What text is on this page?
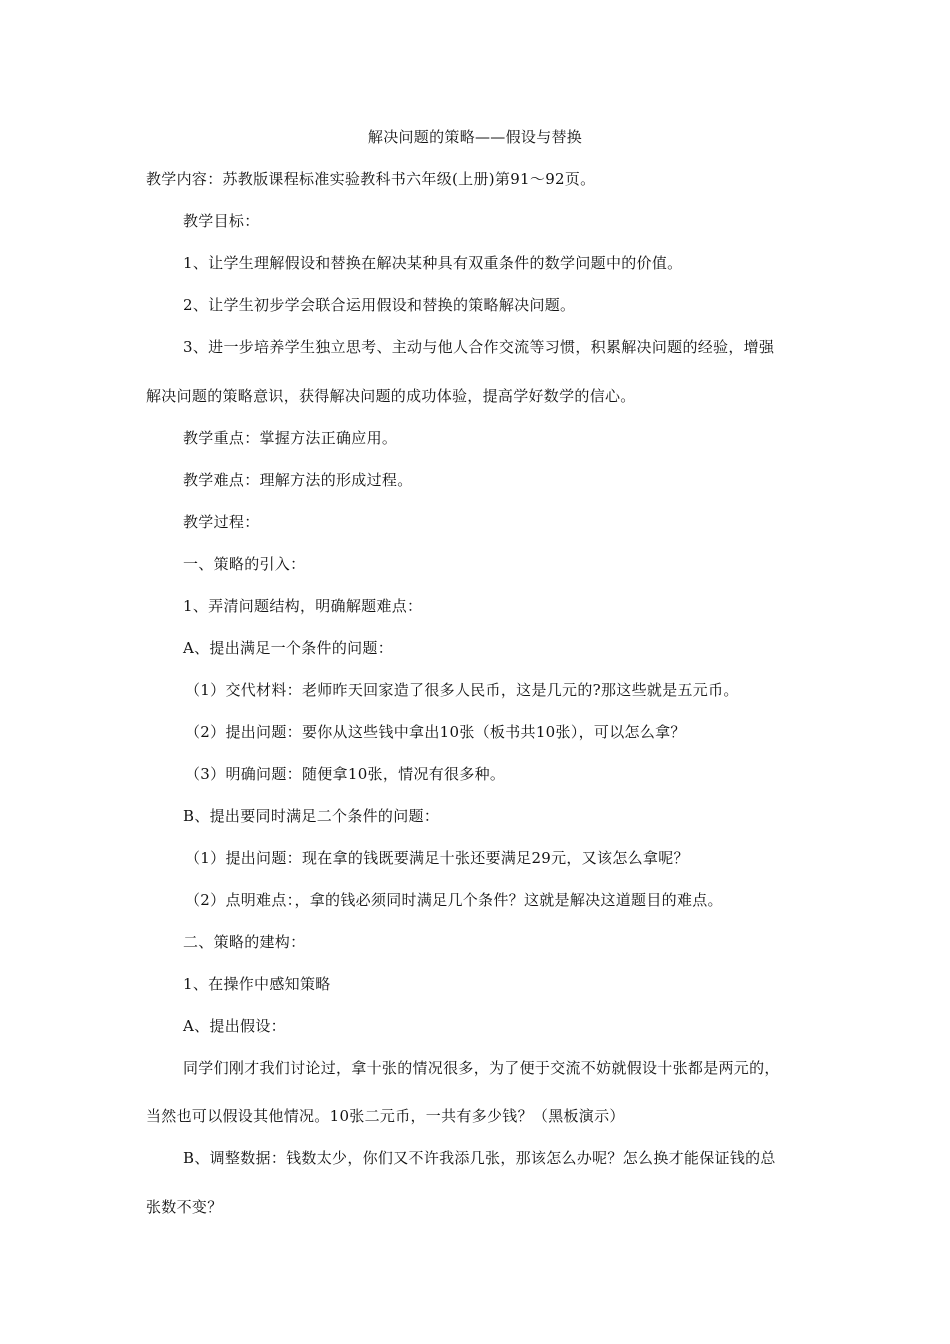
解决问题的策略——假设与替换
教学内容：苏教版课程标准实验教科书六年级(上册)第91～92页。
教学目标：
1、让学生理解假设和替换在解决某种具有双重条件的数学问题中的价值。
2、让学生初步学会联合运用假设和替换的策略解决问题。
3、进一步培养学生独立思考、主动与他人合作交流等习惯，积累解决问题的经验，增强
解决问题的策略意识，获得解决问题的成功体验，提高学好数学的信心。
教学重点：掌握方法正确应用。
教学难点：理解方法的形成过程。
教学过程：
一、策略的引入：
1、弄清问题结构，明确解题难点：
A、提出满足一个条件的问题：
（1）交代材料：老师昨天回家造了很多人民币，这是几元的?那这些就是五元币。
（2）提出问题：要你从这些钱中拿出10张（板书共10张），可以怎么拿？
（3）明确问题：随便拿10张，情况有很多种。
B、提出要同时满足二个条件的问题：
（1）提出问题：现在拿的钱既要满足十张还要满足29元，又该怎么拿呢？
（2）点明难点：，拿的钱必须同时满足几个条件？这就是解决这道题目的难点。
二、策略的建构：
1、在操作中感知策略
A、提出假设：
同学们刚才我们讨论过，拿十张的情况很多，为了便于交流不妨就假设十张都是两元的，
当然也可以假设其他情况。10张二元币，一共有多少钱？（黑板演示）
B、调整数据：钱数太少，你们又不许我添几张，那该怎么办呢？怎么换才能保证钱的总
张数不变？
